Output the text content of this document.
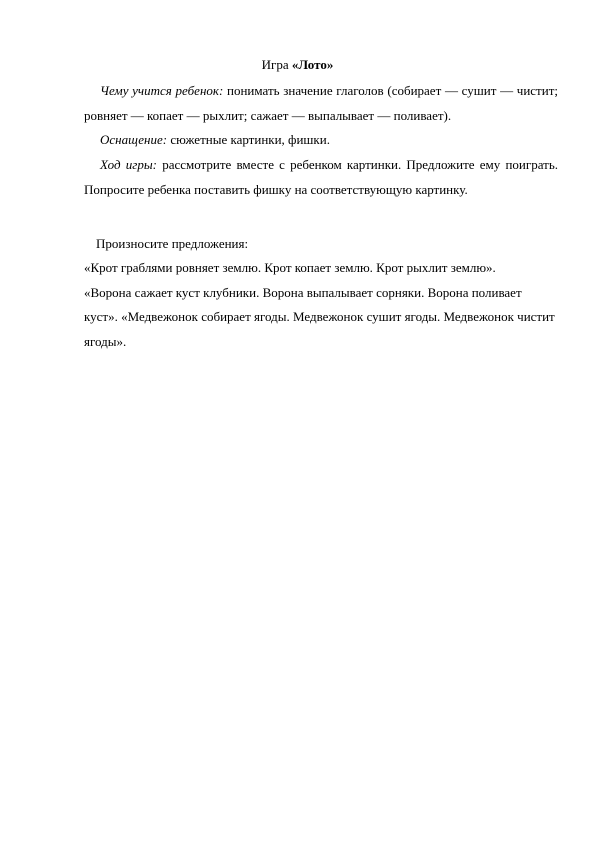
Игра «Лото»

Чему учится ребенок: понимать значение глаголов (собирает — сушит — чистит; ровняет — копает — рыхлит; сажает — выпалывает — поливает).

Оснащение: сюжетные картинки, фишки.

Ход игры: рассмотрите вместе с ребенком картинки. Предложите ему поиграть. Попросите ребенка поставить фишку на соответствующую картинку.

Произносите предложения:

«Крот граблями ровняет землю. Крот копает землю. Крот рыхлит землю».

«Ворона сажает куст клубники. Ворона выпалывает сорняки. Ворона поливает куст». «Медвежонок собирает ягоды. Медвежонок сушит ягоды. Медвежонок чистит ягоды».
